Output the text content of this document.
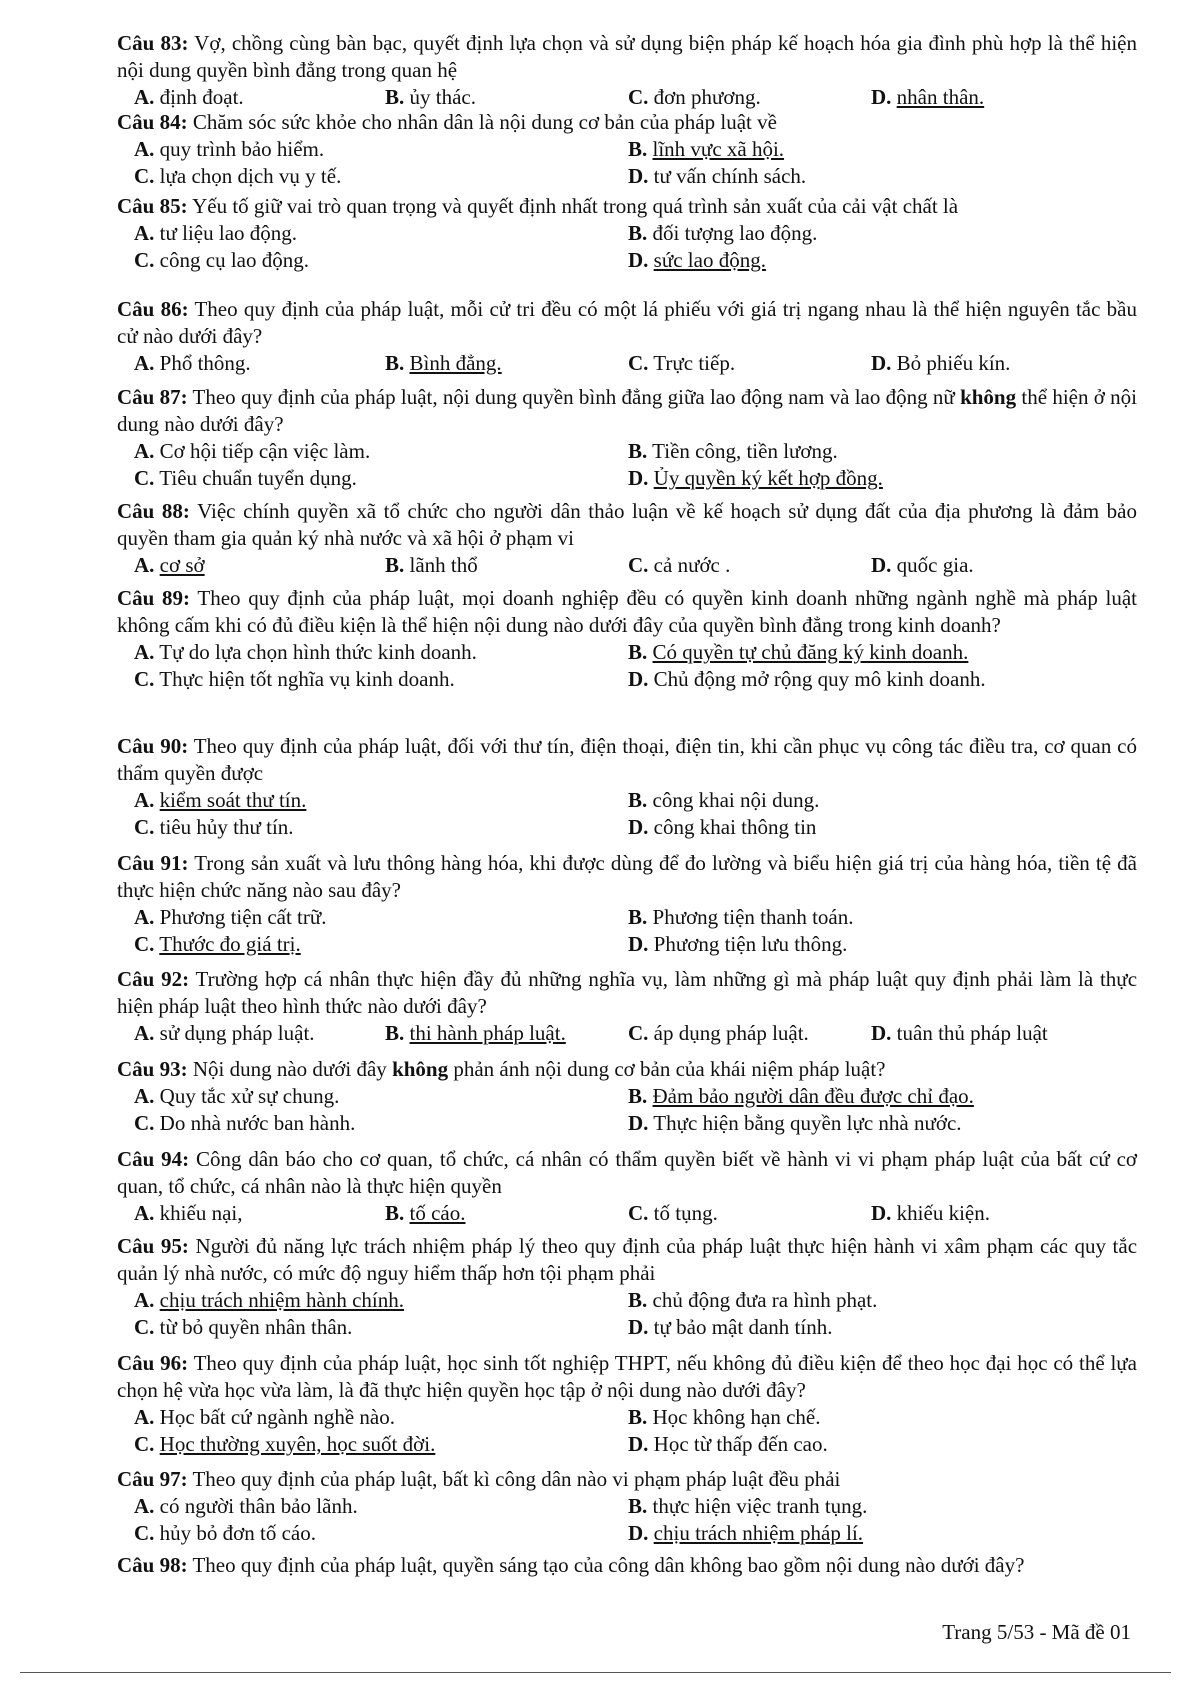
Câu 83: Vợ, chồng cùng bàn bạc, quyết định lựa chọn và sử dụng biện pháp kế hoạch hóa gia đình phù hợp là thể hiện nội dung quyền bình đẳng trong quan hệ

A. định đoạt.	B. ủy thác.	C. đơn phương.	D. nhân thân.

Câu 84: Chăm sóc sức khỏe cho nhân dân là nội dung cơ bản của pháp luật về

A. quy trình bảo hiểm.	B. lĩnh vực xã hội.
C. lựa chọn dịch vụ y tế.	D. tư vấn chính sách.

Câu 85: Yếu tố giữ vai trò quan trọng và quyết định nhất trong quá trình sản xuất của cải vật chất là

A. tư liệu lao động.	B. đối tượng lao động.
C. công cụ lao động.	D. sức lao động.

Câu 86: Theo quy định của pháp luật, mỗi cử tri đều có một lá phiếu với giá trị ngang nhau là thể hiện nguyên tắc bầu cử nào dưới đây?

A. Phổ thông.	B. Bình đẳng.	C. Trực tiếp.	D. Bỏ phiếu kín.

Câu 87: Theo quy định của pháp luật, nội dung quyền bình đẳng giữa lao động nam và lao động nữ không thể hiện ở nội dung nào dưới đây?

A. Cơ hội tiếp cận việc làm.	B. Tiền công, tiền lương.
C. Tiêu chuẩn tuyển dụng.	D. Ủy quyền ký kết hợp đồng.

Câu 88: Việc chính quyền xã tổ chức cho người dân thảo luận về kế hoạch sử dụng đất của địa phương là đảm bảo quyền tham gia quản ký nhà nước và xã hội ở phạm vi

A. cơ sở	B. lãnh thổ	C. cả nước .	D. quốc gia.

Câu 89: Theo quy định của pháp luật, mọi doanh nghiệp đều có quyền kinh doanh những ngành nghề mà pháp luật không cấm khi có đủ điều kiện là thể hiện nội dung nào dưới đây của quyền bình đẳng trong kinh doanh?

A. Tự do lựa chọn hình thức kinh doanh.	B. Có quyền tự chủ đăng ký kinh doanh.
C. Thực hiện tốt nghĩa vụ kinh doanh.	D. Chủ động mở rộng quy mô kinh doanh.

Câu 90: Theo quy định của pháp luật, đối với thư tín, điện thoại, điện tin, khi cần phục vụ công tác điều tra, cơ quan có thẩm quyền được

A. kiểm soát thư tín.	B. công khai nội dung.
C. tiêu hủy thư tín.	D. công khai thông tin

Câu 91: Trong sản xuất và lưu thông hàng hóa, khi được dùng để đo lường và biểu hiện giá trị của hàng hóa, tiền tệ đã thực hiện chức năng nào sau đây?

A. Phương tiện cất trữ.	B. Phương tiện thanh toán.
C. Thước đo giá trị.	D. Phương tiện lưu thông.

Câu 92: Trường hợp cá nhân thực hiện đầy đủ những nghĩa vụ, làm những gì mà pháp luật quy định phải làm là thực hiện pháp luật theo hình thức nào dưới đây?

A. sử dụng pháp luật.	B. thi hành pháp luật.	C. áp dụng pháp luật.	D. tuân thủ pháp luật

Câu 93: Nội dung nào dưới đây không phản ánh nội dung cơ bản của khái niệm pháp luật?

A. Quy tắc xử sự chung.	B. Đảm bảo người dân đều được chỉ đạo.
C. Do nhà nước ban hành.	D. Thực hiện bằng quyền lực nhà nước.

Câu 94: Công dân báo cho cơ quan, tổ chức, cá nhân có thẩm quyền biết về hành vi vi phạm pháp luật của bất cứ cơ quan, tổ chức, cá nhân nào là thực hiện quyền

A. khiếu nại,	B. tố cáo.	C. tố tụng.	D. khiếu kiện.

Câu 95: Người đủ năng lực trách nhiệm pháp lý theo quy định của pháp luật thực hiện hành vi xâm phạm các quy tắc quản lý nhà nước, có mức độ nguy hiểm thấp hơn tội phạm phải

A. chịu trách nhiệm hành chính.	B. chủ động đưa ra hình phạt.
C. từ bỏ quyền nhân thân.	D. tự bảo mật danh tính.

Câu 96: Theo quy định của pháp luật, học sinh tốt nghiệp THPT, nếu không đủ điều kiện để theo học đại học có thể lựa chọn hệ vừa học vừa làm, là đã thực hiện quyền học tập ở nội dung nào dưới đây?

A. Học bất cứ ngành nghề nào.	B. Học không hạn chế.
C. Học thường xuyên, học suốt đời.	D. Học từ thấp đến cao.

Câu 97: Theo quy định của pháp luật, bất kì công dân nào vi phạm pháp luật đều phải

A. có người thân bảo lãnh.	B. thực hiện việc tranh tụng.
C. hủy bỏ đơn tố cáo.	D. chịu trách nhiệm pháp lí.

Câu 98: Theo quy định của pháp luật, quyền sáng tạo của công dân không bao gồm nội dung nào dưới đây?

Trang 5/53 - Mã đề 01
